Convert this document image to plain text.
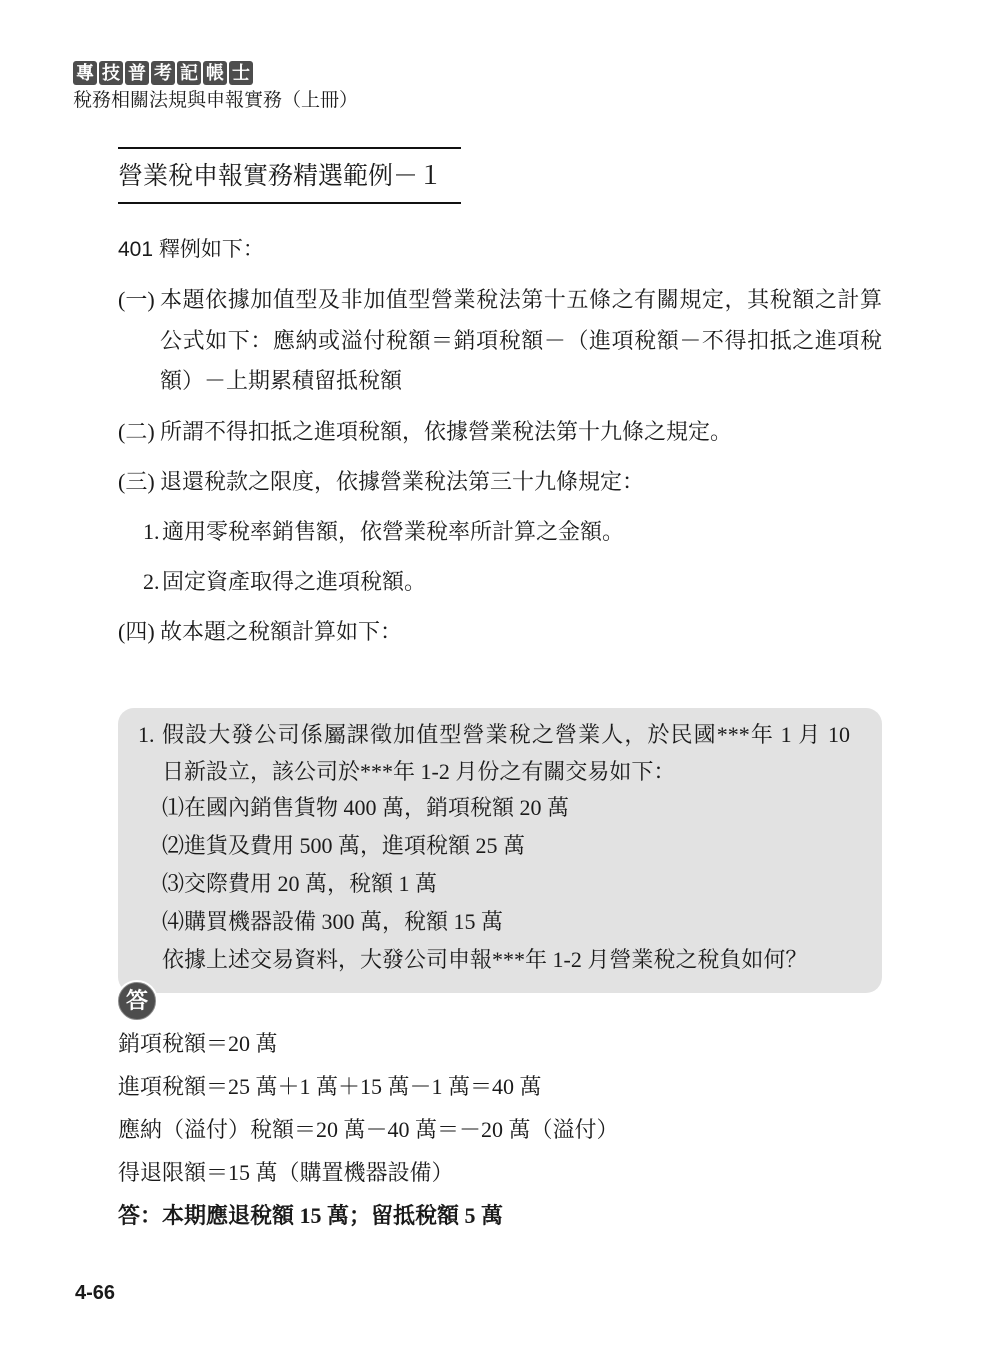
專 技 普 考 記 帳 士
稅務相關法規與申報實務（上冊）
營業稅申報實務精選範例－１
401 釋例如下：
(一) 本題依據加值型及非加值型營業稅法第十五條之有關規定，其稅額之計算
公式如下：應納或溢付稅額＝銷項稅額－（進項稅額－不得扣抵之進項稅
額）－上期累積留抵稅額
(二) 所謂不得扣抵之進項稅額，依據營業稅法第十九條之規定。
(三) 退還稅款之限度，依據營業稅法第三十九條規定：
1. 適用零稅率銷售額，依營業稅率所計算之金額。
2. 固定資產取得之進項稅額。
(四) 故本題之稅額計算如下：
1. 假設大發公司係屬課徵加值型營業稅之營業人，於民國***年 1 月 10
日新設立，該公司於***年 1-2 月份之有關交易如下：
⑴在國內銷售貨物 400 萬，銷項稅額 20 萬
⑵進貨及費用 500 萬，進項稅額 25 萬
⑶交際費用 20 萬，稅額 1 萬
⑷購買機器設備 300 萬，稅額 15 萬
依據上述交易資料，大發公司申報***年 1-2 月營業稅之稅負如何？
答
銷項稅額＝20 萬
進項稅額＝25 萬＋1 萬＋15 萬－1 萬＝40 萬
應納（溢付）稅額＝20 萬－40 萬＝－20 萬（溢付）
得退限額＝15 萬（購置機器設備）
答：本期應退稅額 15 萬；留抵稅額 5 萬
4-66
